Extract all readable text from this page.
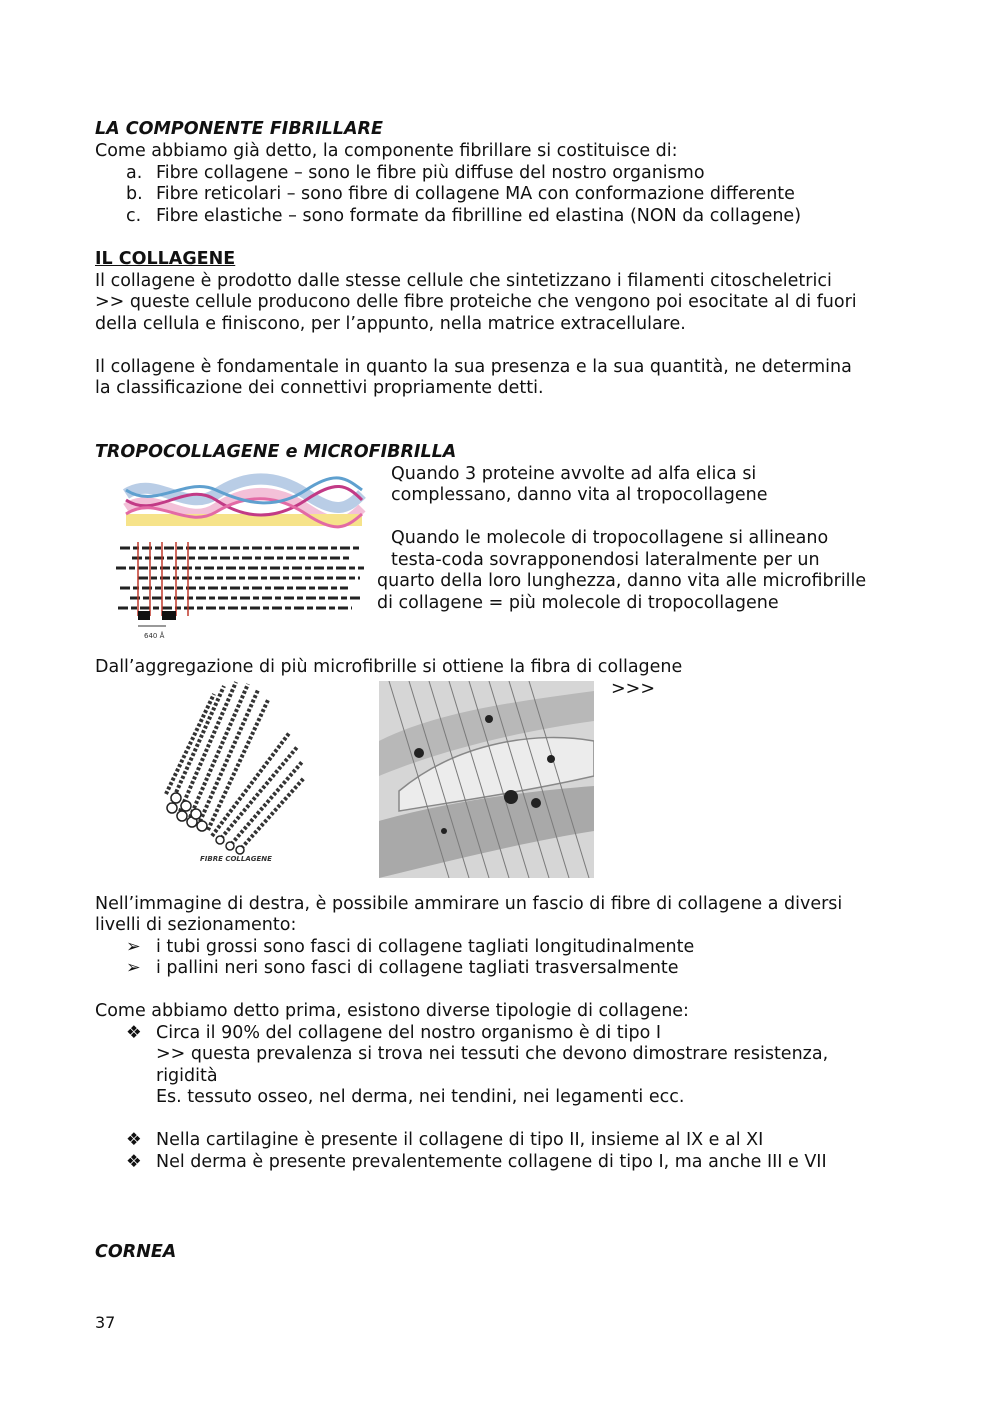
LA COMPONENTE FIBRILLARE
Come abbiamo già detto, la componente fibrillare si costituisce di:
a. Fibre collagene – sono le fibre più diffuse del nostro organismo
b. Fibre reticolari – sono fibre di collagene MA con conformazione differente
c. Fibre elastiche – sono formate da fibrilline ed elastina (NON da collagene)
IL COLLAGENE
Il collagene è prodotto dalle stesse cellule che sintetizzano i filamenti citoscheletrici
>> queste cellule producono delle fibre proteiche che vengono poi esocitate al di fuori
della cellula e finiscono, per l’appunto, nella matrice extracellulare.
Il collagene è fondamentale in quanto la sua presenza e la sua quantità, ne determina
la classificazione dei connettivi propriamente detti.
TROPOCOLLAGENE e MICROFIBRILLA
640 Å
Quando 3 proteine avvolte ad alfa elica si
complessano, danno vita al tropocollagene
Quando le molecole di tropocollagene si allineano
testa-coda sovrapponendosi lateralmente per un
quarto della loro lunghezza, danno vita alle microfibrille
di collagene = più molecole di tropocollagene
Dall’aggregazione di più microfibrille si ottiene la fibra di collagene
>>>
FIBRE COLLAGENE
Nell’immagine di destra, è possibile ammirare un fascio di fibre di collagene a diversi
livelli di sezionamento:
➢ i tubi grossi sono fasci di collagene tagliati longitudinalmente
➢ i pallini neri sono fasci di collagene tagliati trasversalmente
Come abbiamo detto prima, esistono diverse tipologie di collagene:
❖ Circa il 90% del collagene del nostro organismo è di tipo I
>> questa prevalenza si trova nei tessuti che devono dimostrare resistenza,
rigidità
Es. tessuto osseo, nel derma, nei tendini, nei legamenti ecc.
❖ Nella cartilagine è presente il collagene di tipo II, insieme al IX e al XI
❖ Nel derma è presente prevalentemente collagene di tipo I, ma anche III e VII
CORNEA
37
